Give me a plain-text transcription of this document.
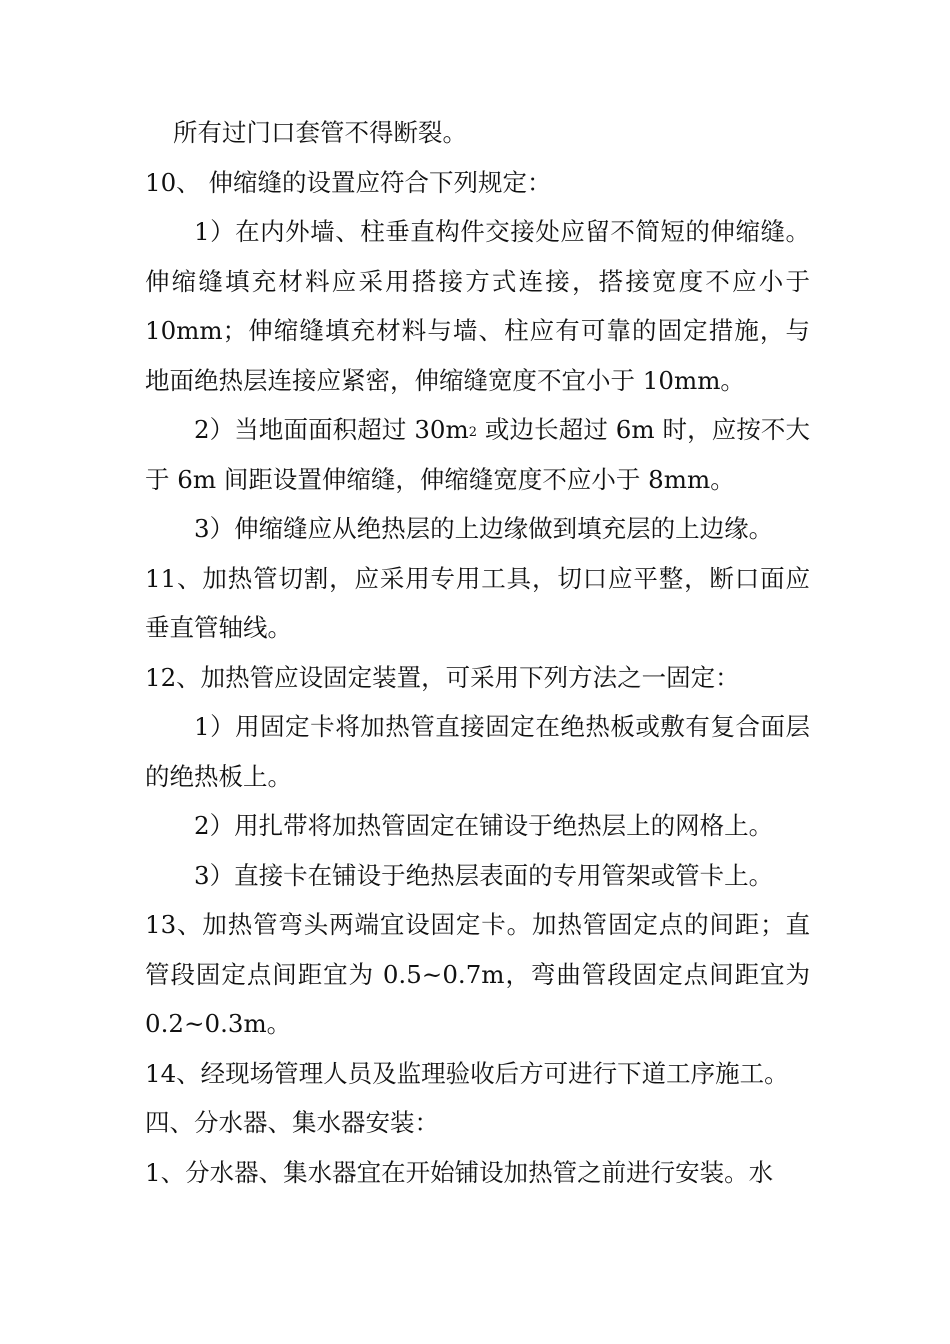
所有过门口套管不得断裂。

10、 伸缩缝的设置应符合下列规定：

1）在内外墙、柱垂直构件交接处应留不简短的伸缩缝。伸缩缝填充材料应采用搭接方式连接，搭接宽度不应小于 10mm；伸缩缝填充材料与墙、柱应有可靠的固定措施，与地面绝热层连接应紧密，伸缩缝宽度不宜小于 10mm。

2）当地面面积超过 30m2 或边长超过 6m 时，应按不大于 6m 间距设置伸缩缝，伸缩缝宽度不应小于 8mm。

3）伸缩缝应从绝热层的上边缘做到填充层的上边缘。

11、加热管切割，应采用专用工具，切口应平整，断口面应垂直管轴线。

12、加热管应设固定装置，可采用下列方法之一固定：

1）用固定卡将加热管直接固定在绝热板或敷有复合面层的绝热板上。

2）用扎带将加热管固定在铺设于绝热层上的网格上。

3）直接卡在铺设于绝热层表面的专用管架或管卡上。

13、加热管弯头两端宜设固定卡。加热管固定点的间距；直管段固定点间距宜为 0.5~0.7m，弯曲管段固定点间距宜为 0.2~0.3m。

14、经现场管理人员及监理验收后方可进行下道工序施工。

四、分水器、集水器安装：

1、分水器、集水器宜在开始铺设加热管之前进行安装。水
